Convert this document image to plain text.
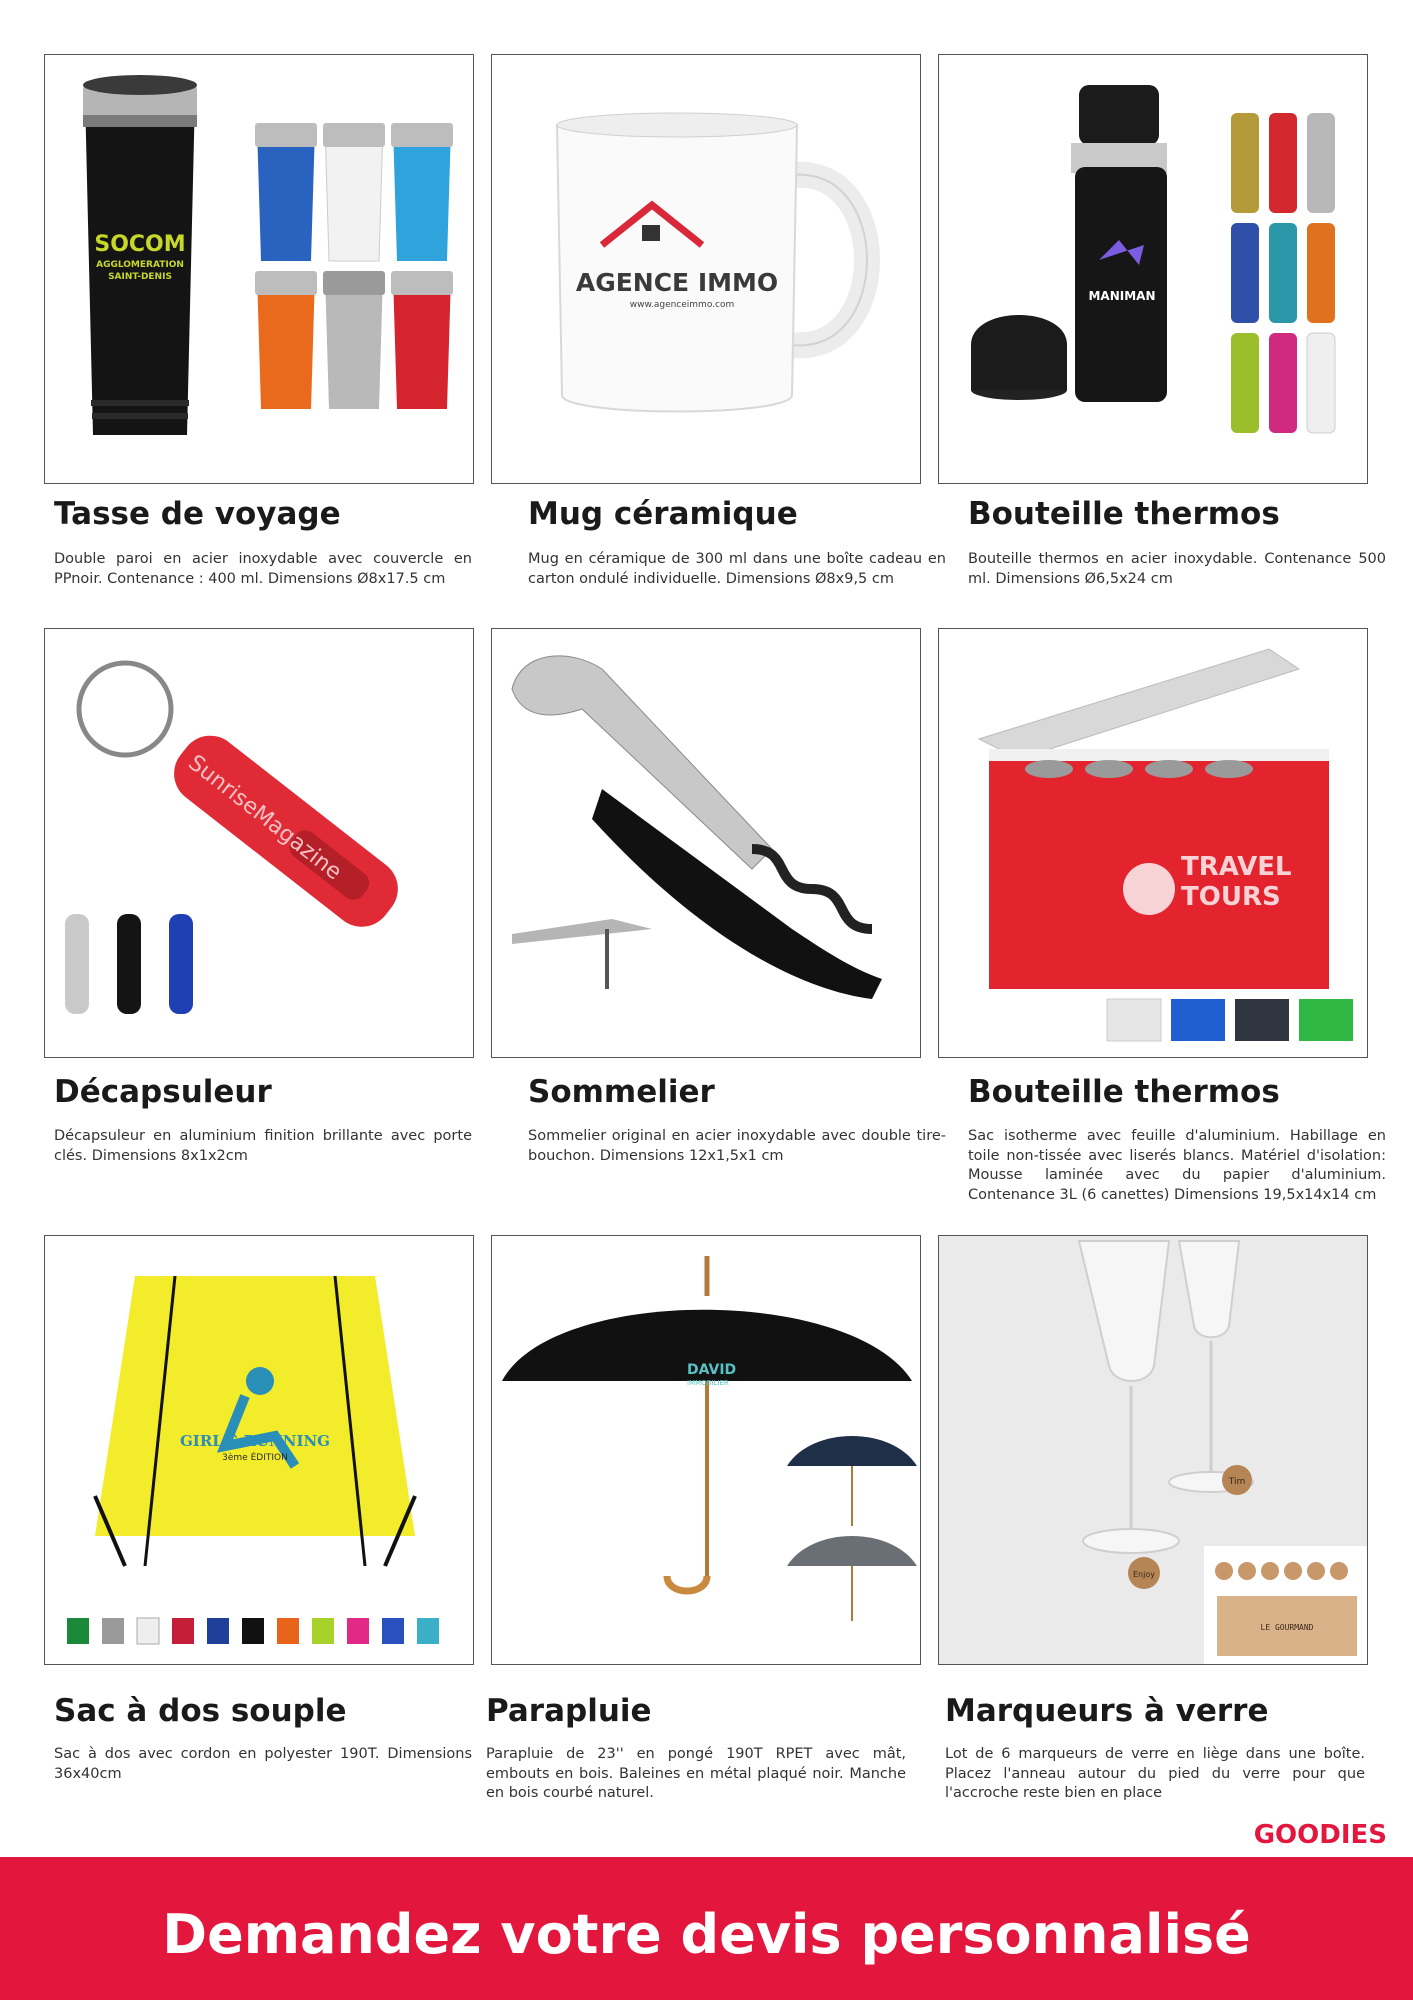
SOCOM
AGGLOMERATION
SAINT-DENIS	AGENCE IMMO
www.agenceimmo.com
MANIMAN
Tasse de voyage

Double paroi en acier inoxydable avec couvercle en PPnoir. Contenance : 400 ml. Dimensions Ø8x17.5 cm

Mug céramique

Mug en céramique de 300 ml dans une boîte cadeau en carton ondulé individuelle. Dimensions Ø8x9,5 cm

Bouteille thermos

Bouteille thermos en acier inoxydable. Contenance 500 ml. Dimensions Ø6,5x24 cm

SunriseMagazine	TRAVEL
TOURS
Décapsuleur

Décapsuleur en aluminium finition brillante avec porte clés. Dimensions 8x1x2cm

Sommelier

Sommelier original en acier inoxydable avec double tire-bouchon. Dimensions 12x1,5x1 cm

Bouteille thermos

Sac isotherme avec feuille d'aluminium. Habillage en toile non-tissée avec liserés blancs. Matériel d'isolation: Mousse laminée avec du papier d'aluminium. Contenance 3L (6 canettes) Dimensions 19,5x14x14 cm

GIRL'S RUNNING
3ème ÉDITION
DAVID
IMMOBILIER
Tim
Enjoy
LE GOURMAND
Sac à dos souple

Sac à dos avec cordon en polyester 190T. Dimensions 36x40cm

Parapluie

Parapluie de 23'' en pongé 190T RPET avec mât, embouts en bois. Baleines en métal plaqué noir. Manche en bois courbé naturel.

Marqueurs à verre

Lot de 6 marqueurs de verre en liège dans une boîte. Placez l'anneau autour du pied du verre pour que l'accroche reste bien en place

GOODIES
Demandez votre devis personnalisé
